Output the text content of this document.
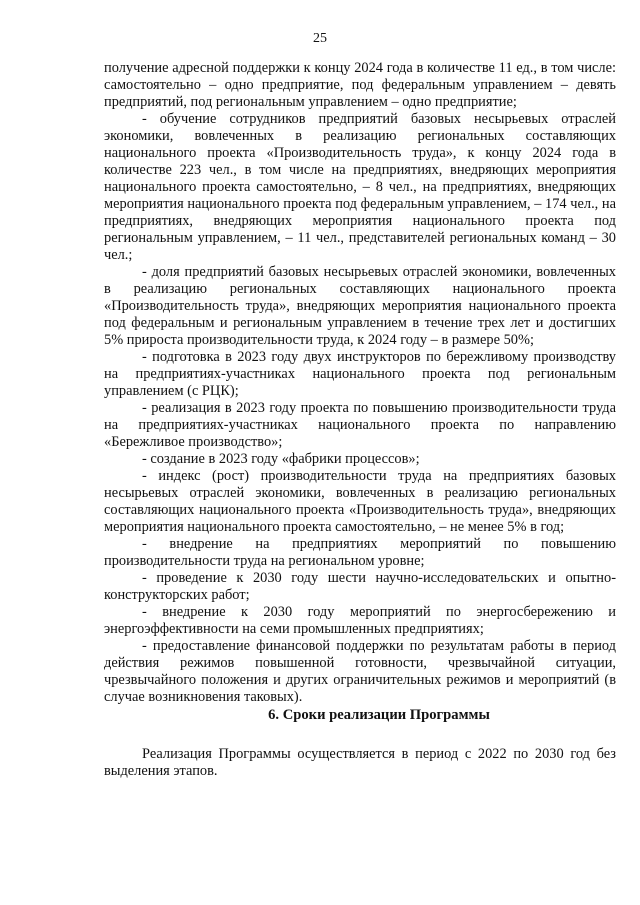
25

получение адресной поддержки к концу 2024 года в количестве 11 ед., в том числе: самостоятельно – одно предприятие, под федеральным управлением – девять предприятий, под региональным управлением – одно предприятие;

- обучение сотрудников предприятий базовых несырьевых отраслей экономики, вовлеченных в реализацию региональных составляющих национального проекта «Производительность труда», к концу 2024 года в количестве 223 чел., в том числе на предприятиях, внедряющих мероприятия национального проекта самостоятельно, – 8 чел., на предприятиях, внедряющих мероприятия национального проекта под федеральным управлением, – 174 чел., на предприятиях, внедряющих мероприятия национального проекта под региональным управлением, – 11 чел., представителей региональных команд – 30 чел.;

- доля предприятий базовых несырьевых отраслей экономики, вовлеченных в реализацию региональных составляющих национального проекта «Производительность труда», внедряющих мероприятия национального проекта под федеральным и региональным управлением в течение трех лет и достигших 5% прироста производительности труда, к 2024 году – в размере 50%;

- подготовка в 2023 году двух инструкторов по бережливому производству на предприятиях-участниках национального проекта под региональным управлением (с РЦК);

- реализация в 2023 году проекта по повышению производительности труда на предприятиях-участниках национального проекта по направлению «Бережливое производство»;

- создание в 2023 году «фабрики процессов»;

- индекс (рост) производительности труда на предприятиях базовых несырьевых отраслей экономики, вовлеченных в реализацию региональных составляющих национального проекта «Производительность труда», внедряющих мероприятия национального проекта самостоятельно, – не менее 5% в год;

- внедрение на предприятиях мероприятий по повышению производительности труда на региональном уровне;

- проведение к 2030 году шести научно-исследовательских и опытно-конструкторских работ;

- внедрение к 2030 году мероприятий по энергосбережению и энергоэффективности на семи промышленных предприятиях;

- предоставление финансовой поддержки по результатам работы в период действия режимов повышенной готовности, чрезвычайной ситуации, чрезвычайного положения и других ограничительных режимов и мероприятий (в случае возникновения таковых).

6. Сроки реализации Программы

Реализация Программы осуществляется в период с 2022 по 2030 год без выделения этапов.
